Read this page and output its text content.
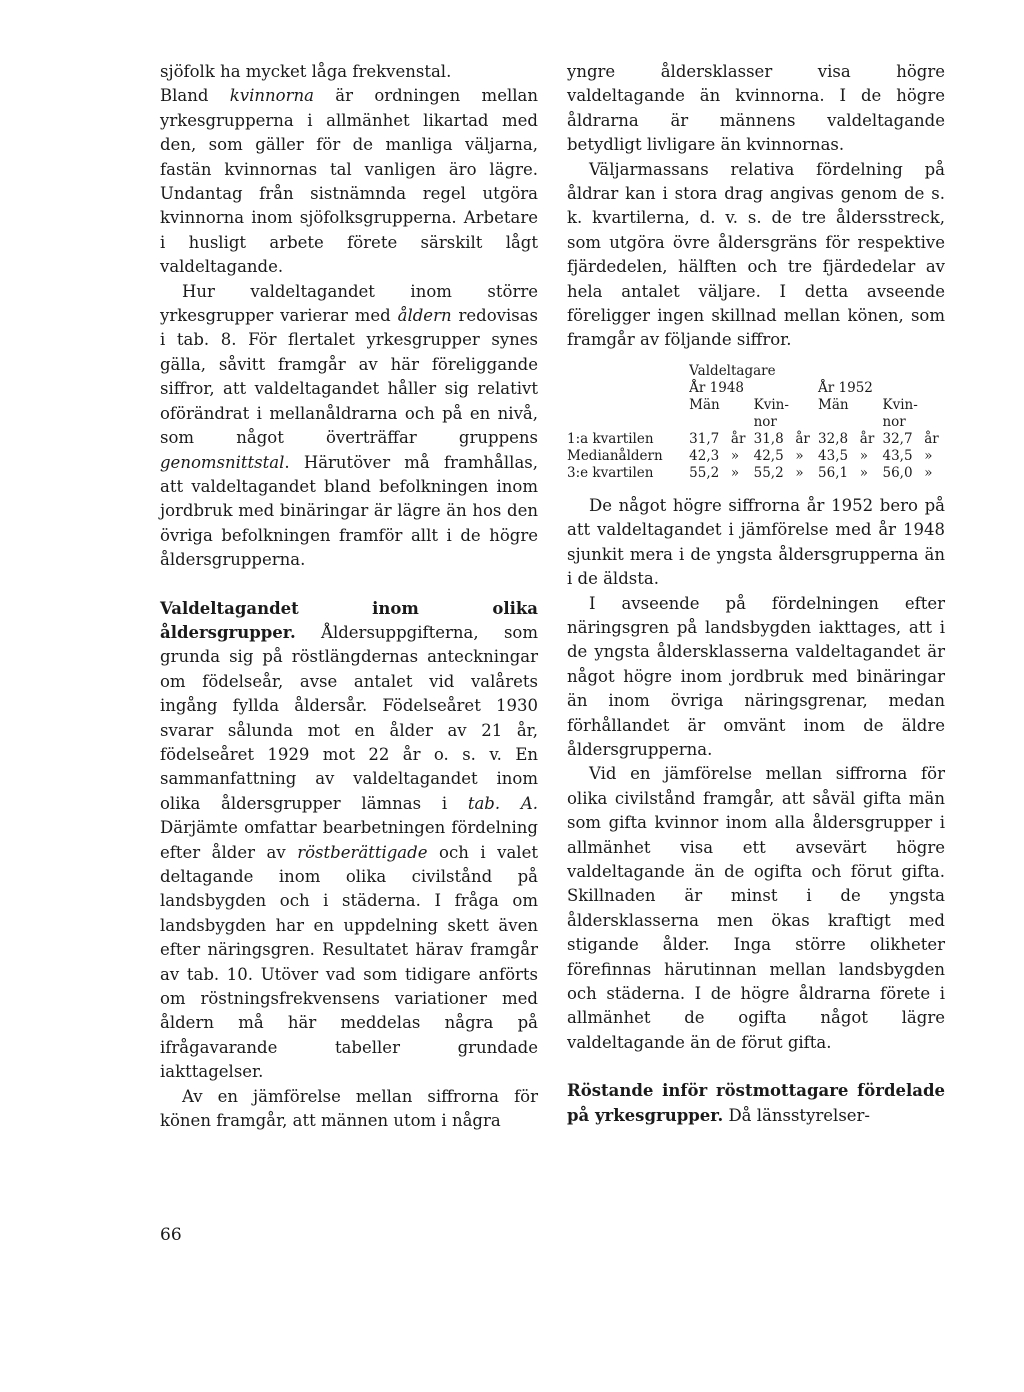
sjöfolk ha mycket låga frekvenstal.

Bland kvinnorna är ordningen mellan yrkesgrupperna i allmänhet likartad med den, som gäller för de manliga väljarna, fastän kvinnornas tal vanligen äro lägre. Undantag från sistnämnda regel utgöra kvinnorna inom sjöfolksgrupperna. Arbetare i husligt arbete förete särskilt lågt valdeltagande.

Hur valdeltagandet inom större yrkesgrupper varierar med åldern redovisas i tab. 8. För flertalet yrkesgrupper synes gälla, såvitt framgår av här föreliggande siffror, att valdeltagandet håller sig relativt oförändrat i mellanåldrarna och på en nivå, som något överträffar gruppens genomsnittstal. Härutöver må framhållas, att valdeltagandet bland befolkningen inom jordbruk med binäringar är lägre än hos den övriga befolkningen framför allt i de högre åldersgrupperna.

Valdeltagandet inom olika åldersgrupper. Åldersuppgifterna, som grunda sig på röstlängdernas anteckningar om födelseår, avse antalet vid valårets ingång fyllda åldersår. Födelseåret 1930 svarar sålunda mot en ålder av 21 år, födelseåret 1929 mot 22 år o. s. v. En sammanfattning av valdeltagandet inom olika åldersgrupper lämnas i tab. A. Därjämte omfattar bearbetningen fördelning efter ålder av röstberättigade och i valet deltagande inom olika civilstånd på landsbygden och i städerna. I fråga om landsbygden har en uppdelning skett även efter näringsgren. Resultatet härav framgår av tab. 10. Utöver vad som tidigare anförts om röstningsfrekvensens variationer med åldern må här meddelas några på ifrågavarande tabeller grundade iakttagelser.

Av en jämförelse mellan siffrorna för könen framgår, att männen utom i några

66

yngre åldersklasser visa högre valdeltagande än kvinnorna. I de högre åldrarna är männens valdeltagande betydligt livligare än kvinnornas.

Väljarmassans relativa fördelning på åldrar kan i stora drag angivas genom de s. k. kvartilerna, d. v. s. de tre åldersstreck, som utgöra övre åldersgräns för respektive fjärdedelen, hälften och tre fjärdedelar av hela antalet väljare. I detta avseende föreligger ingen skillnad mellan könen, som framgår av följande siffror.

	Valdeltagare							
	År 1948				År 1952			
	Män		Kvin-		Män		Kvin-	
			nor				nor	
1:a kvartilen	31,7	år	31,8	år	32,8	år	32,7	år
Medianåldern	42,3	»	42,5	»	43,5	»	43,5	»
3:e kvartilen	55,2	»	55,2	»	56,1	»	56,0	»

De något högre siffrorna år 1952 bero på att valdeltagandet i jämförelse med år 1948 sjunkit mera i de yngsta åldersgrupperna än i de äldsta.

I avseende på fördelningen efter näringsgren på landsbygden iakttages, att i de yngsta åldersklasserna valdeltagandet är något högre inom jordbruk med binäringar än inom övriga näringsgrenar, medan förhållandet är omvänt inom de äldre åldersgrupperna.

Vid en jämförelse mellan siffrorna för olika civilstånd framgår, att såväl gifta män som gifta kvinnor inom alla åldersgrupper i allmänhet visa ett avsevärt högre valdeltagande än de ogifta och förut gifta. Skillnaden är minst i de yngsta åldersklasserna men ökas kraftigt med stigande ålder. Inga större olikheter förefinnas härutinnan mellan landsbygden och städerna. I de högre åldrarna förete i allmänhet de ogifta något lägre valdeltagande än de förut gifta.

Röstande inför röstmottagare fördelade på yrkesgrupper. Då länsstyrelser-
